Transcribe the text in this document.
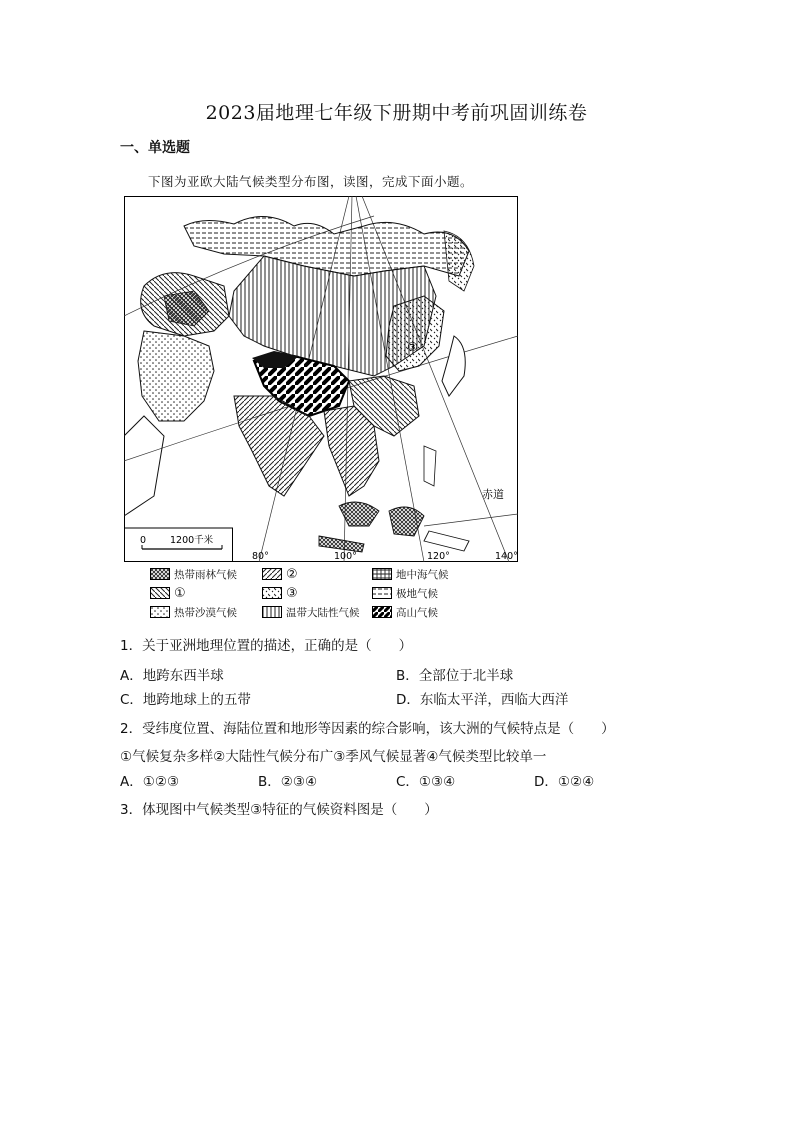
2023届地理七年级下册期中考前巩固训练卷
一、单选题
下图为亚欧大陆气候类型分布图，读图，完成下面小题。
③
0	1200千米
80°	100°	120°	140°
赤道
热带雨林气候	②	地中海气候
①	③	极地气候
热带沙漠气候	温带大陆性气候	高山气候
1．关于亚洲地理位置的描述，正确的是（　　）
A．地跨东西半球	B．全部位于北半球
C．地跨地球上的五带	D．东临太平洋，西临大西洋
2．受纬度位置、海陆位置和地形等因素的综合影响，该大洲的气候特点是（　　）
①气候复杂多样②大陆性气候分布广③季风气候显著④气候类型比较单一
A．①②③	B．②③④	C．①③④	D．①②④
3．体现图中气候类型③特征的气候资料图是（　　）
